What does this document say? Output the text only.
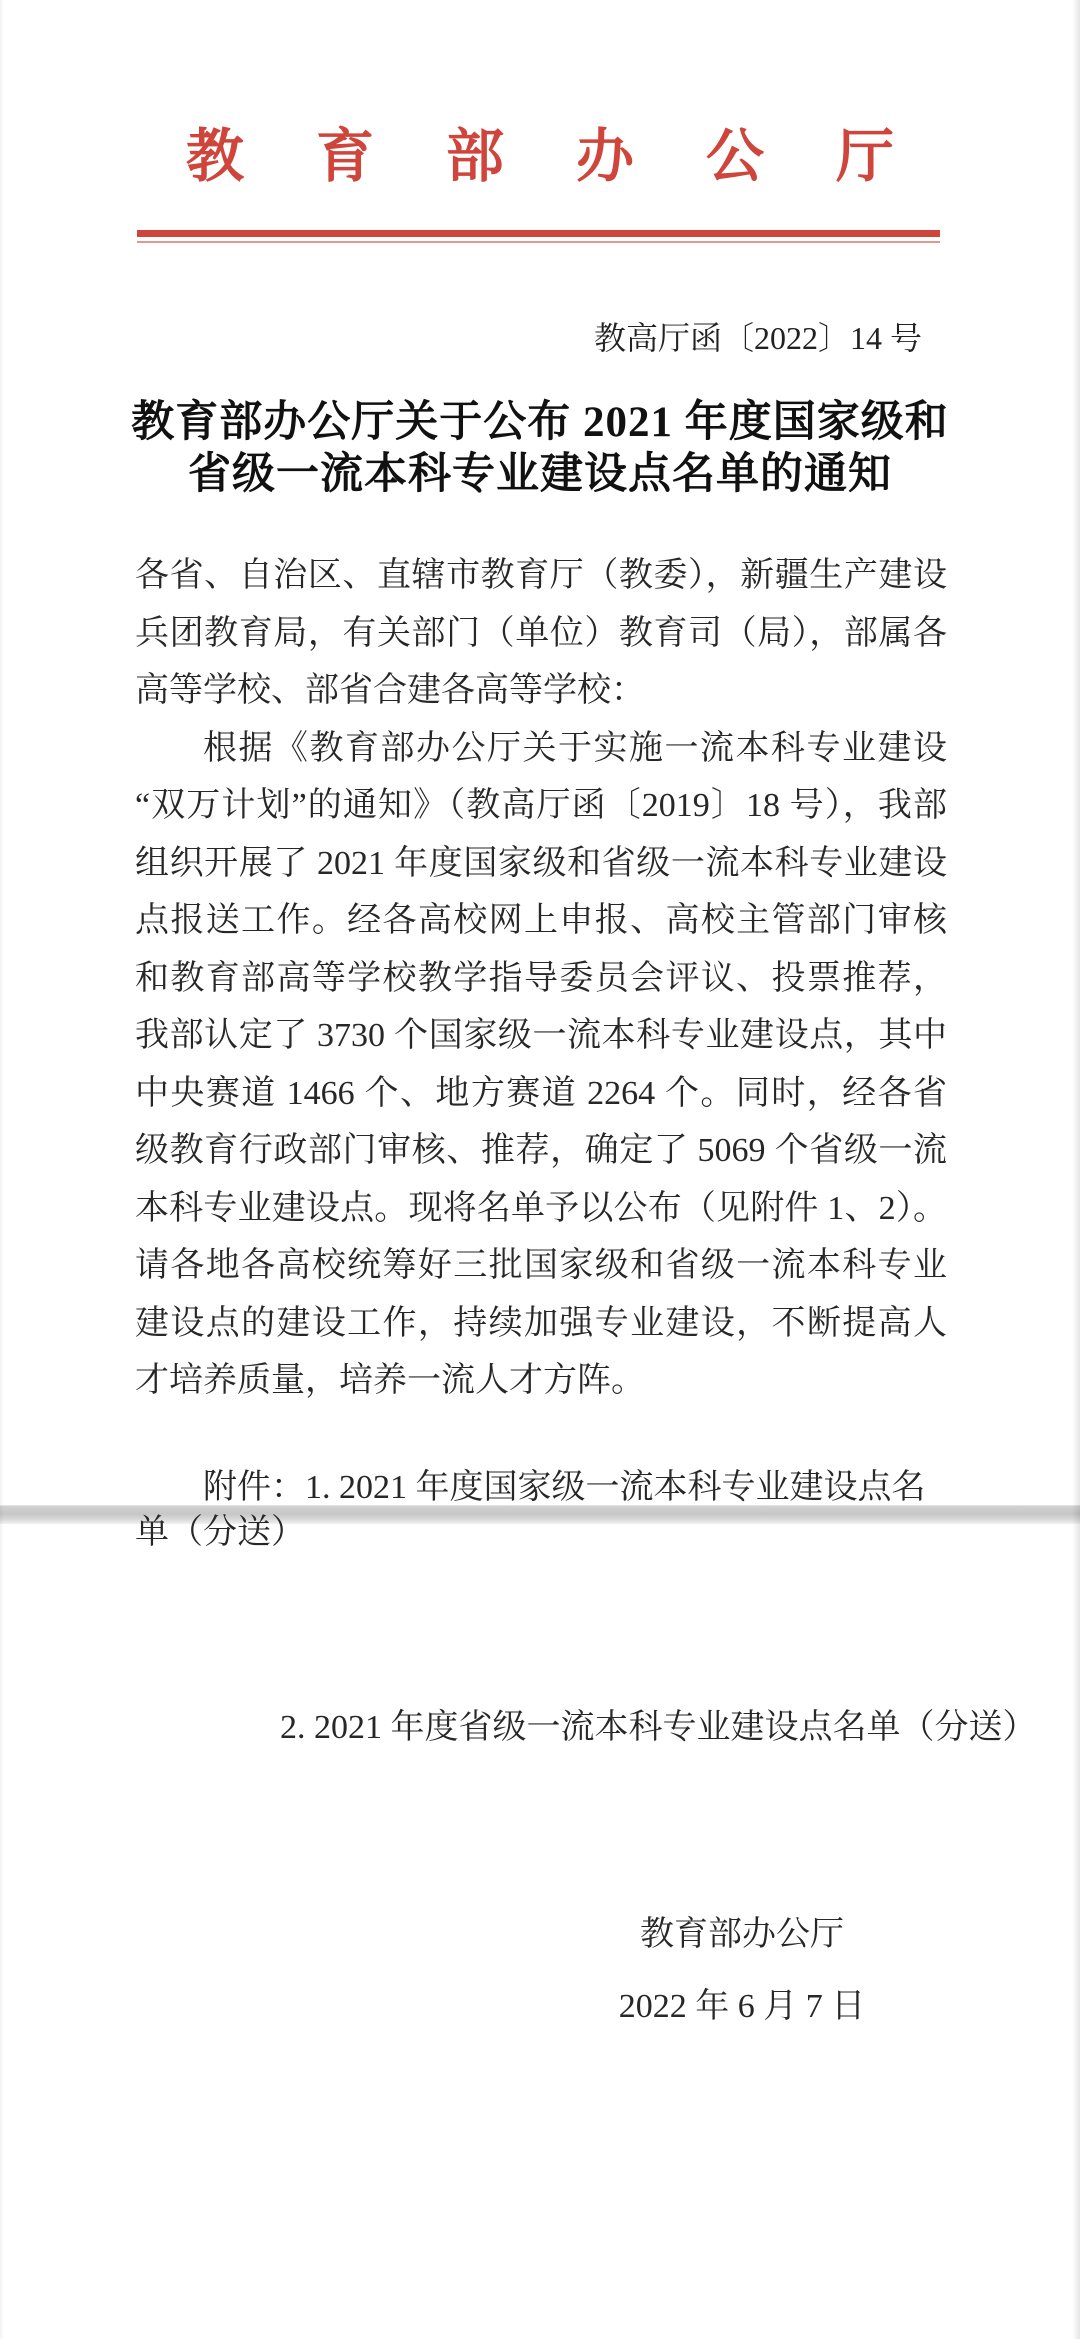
教育部办公厅
教高厅函〔2022〕14 号
教育部办公厅关于公布 2021 年度国家级和
省级一流本科专业建设点名单的通知

各省、自治区、直辖市教育厅（教委），新疆生产建设兵团教育局，有关部门（单位）教育司（局），部属各高等学校、部省合建各高等学校：

根据《教育部办公厅关于实施一流本科专业建设“双万计划”的通知》（教高厅函〔2019〕18 号），我部组织开展了 2021 年度国家级和省级一流本科专业建设点报送工作。经各高校网上申报、高校主管部门审核和教育部高等学校教学指导委员会评议、投票推荐，我部认定了 3730 个国家级一流本科专业建设点，其中中央赛道 1466 个、地方赛道 2264 个。同时，经各省级教育行政部门审核、推荐，确定了 5069 个省级一流本科专业建设点。现将名单予以公布（见附件 1、2）。请各地各高校统筹好三批国家级和省级一流本科专业建设点的建设工作，持续加强专业建设，不断提高人才培养质量，培养一流人才方阵。

附件：1. 2021 年度国家级一流本科专业建设点名单（分送）
2. 2021 年度省级一流本科专业建设点名单（分送）
教育部办公厅
2022 年 6 月 7 日
